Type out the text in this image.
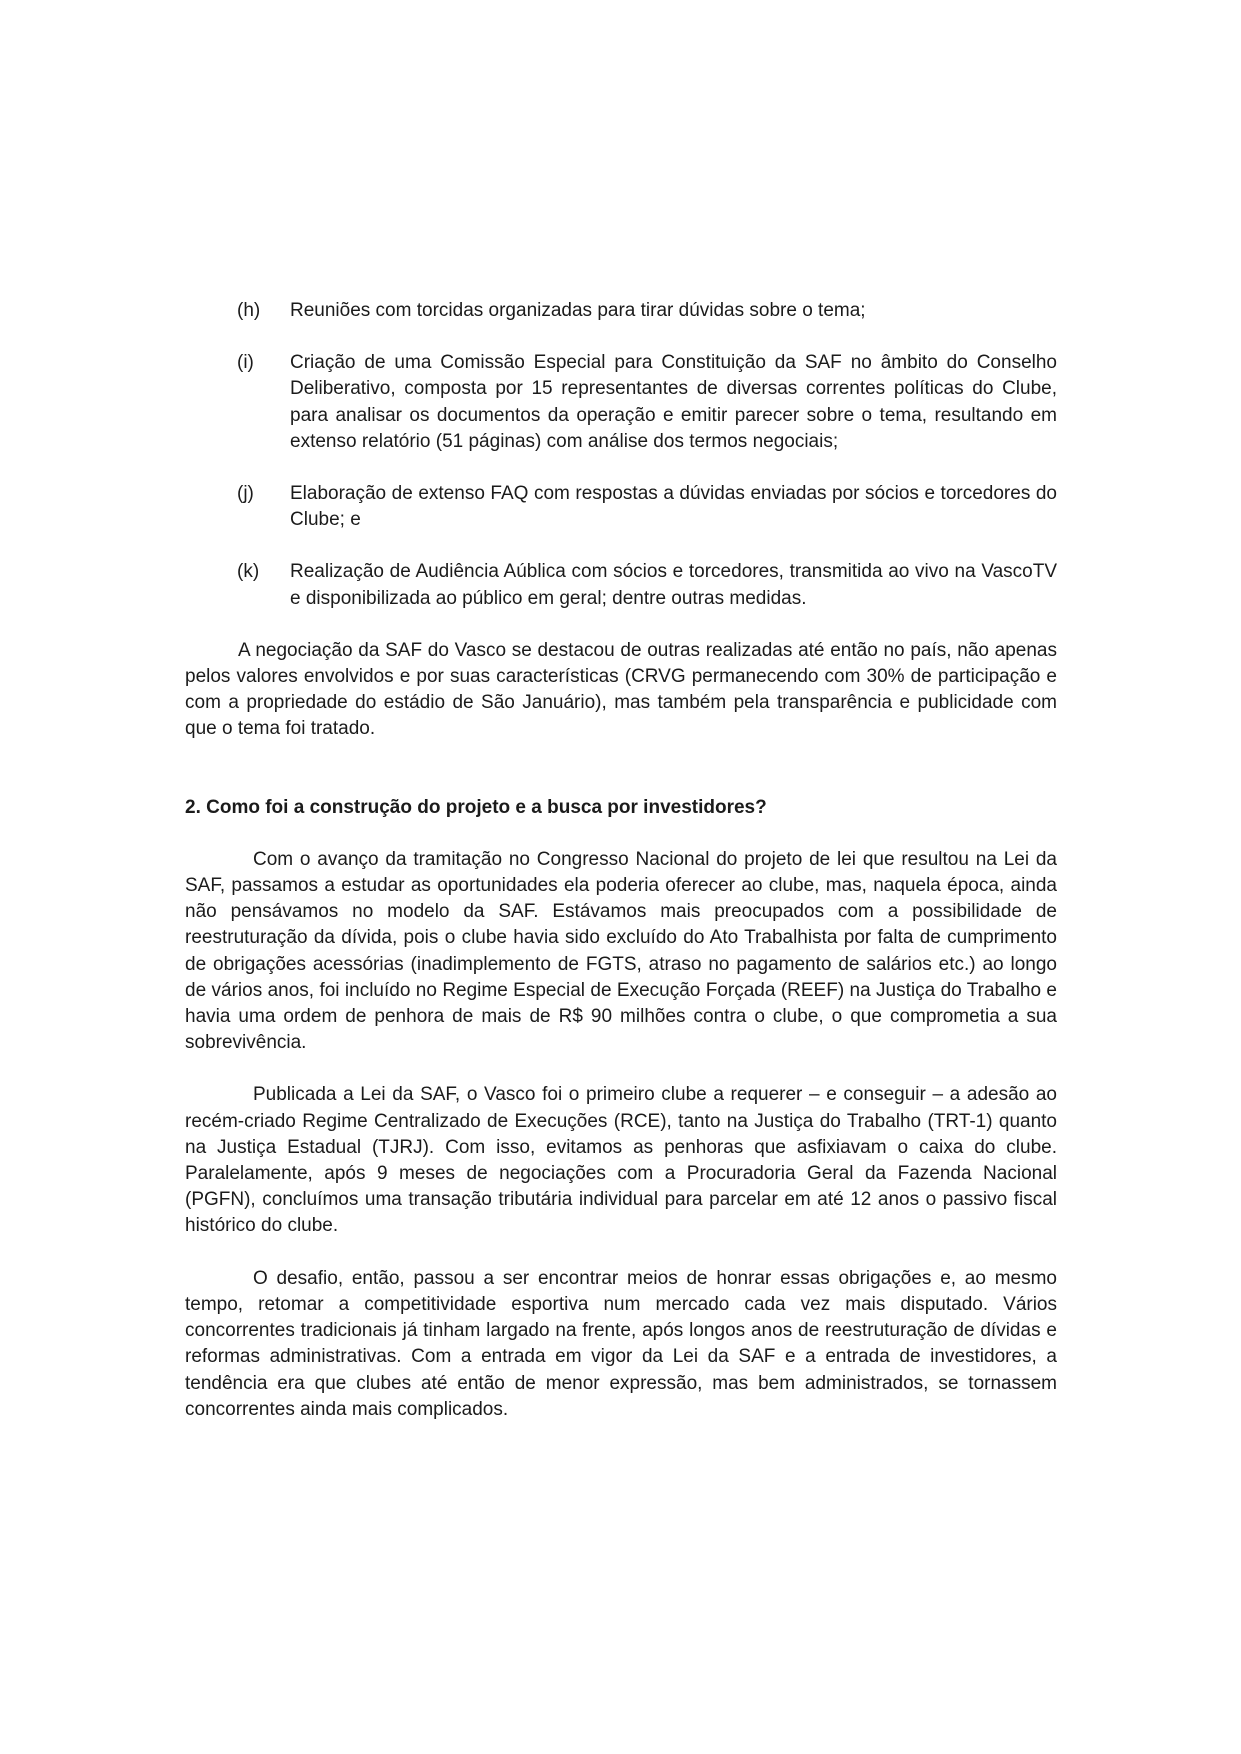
(h)	Reuniões com torcidas organizadas para tirar dúvidas sobre o tema;
(i)	Criação de uma Comissão Especial para Constituição da SAF no âmbito do Conselho Deliberativo, composta por 15 representantes de diversas correntes políticas do Clube, para analisar os documentos da operação e emitir parecer sobre o tema, resultando em extenso relatório (51 páginas) com análise dos termos negociais;
(j)	Elaboração de extenso FAQ com respostas a dúvidas enviadas por sócios e torcedores do Clube; e
(k)	Realização de Audiência Aública com sócios e torcedores, transmitida ao vivo na VascoTV e disponibilizada ao público em geral; dentre outras medidas.

A negociação da SAF do Vasco se destacou de outras realizadas até então no país, não apenas pelos valores envolvidos e por suas características (CRVG permanecendo com 30% de participação e com a propriedade do estádio de São Januário), mas também pela transparência e publicidade com que o tema foi tratado.

2. Como foi a construção do projeto e a busca por investidores?

Com o avanço da tramitação no Congresso Nacional do projeto de lei que resultou na Lei da SAF, passamos a estudar as oportunidades ela poderia oferecer ao clube, mas, naquela época, ainda não pensávamos no modelo da SAF. Estávamos mais preocupados com a possibilidade de reestruturação da dívida, pois o clube havia sido excluído do Ato Trabalhista por falta de cumprimento de obrigações acessórias (inadimplemento de FGTS, atraso no pagamento de salários etc.) ao longo de vários anos, foi incluído no Regime Especial de Execução Forçada (REEF) na Justiça do Trabalho e havia uma ordem de penhora de mais de R$ 90 milhões contra o clube, o que comprometia a sua sobrevivência.

Publicada a Lei da SAF, o Vasco foi o primeiro clube a requerer – e conseguir – a adesão ao recém-criado Regime Centralizado de Execuções (RCE), tanto na Justiça do Trabalho (TRT-1) quanto na Justiça Estadual (TJRJ). Com isso, evitamos as penhoras que asfixiavam o caixa do clube. Paralelamente, após 9 meses de negociações com a Procuradoria Geral da Fazenda Nacional (PGFN), concluímos uma transação tributária individual para parcelar em até 12 anos o passivo fiscal histórico do clube.

O desafio, então, passou a ser encontrar meios de honrar essas obrigações e, ao mesmo tempo, retomar a competitividade esportiva num mercado cada vez mais disputado. Vários concorrentes tradicionais já tinham largado na frente, após longos anos de reestruturação de dívidas e reformas administrativas. Com a entrada em vigor da Lei da SAF e a entrada de investidores, a tendência era que clubes até então de menor expressão, mas bem administrados, se tornassem concorrentes ainda mais complicados.
